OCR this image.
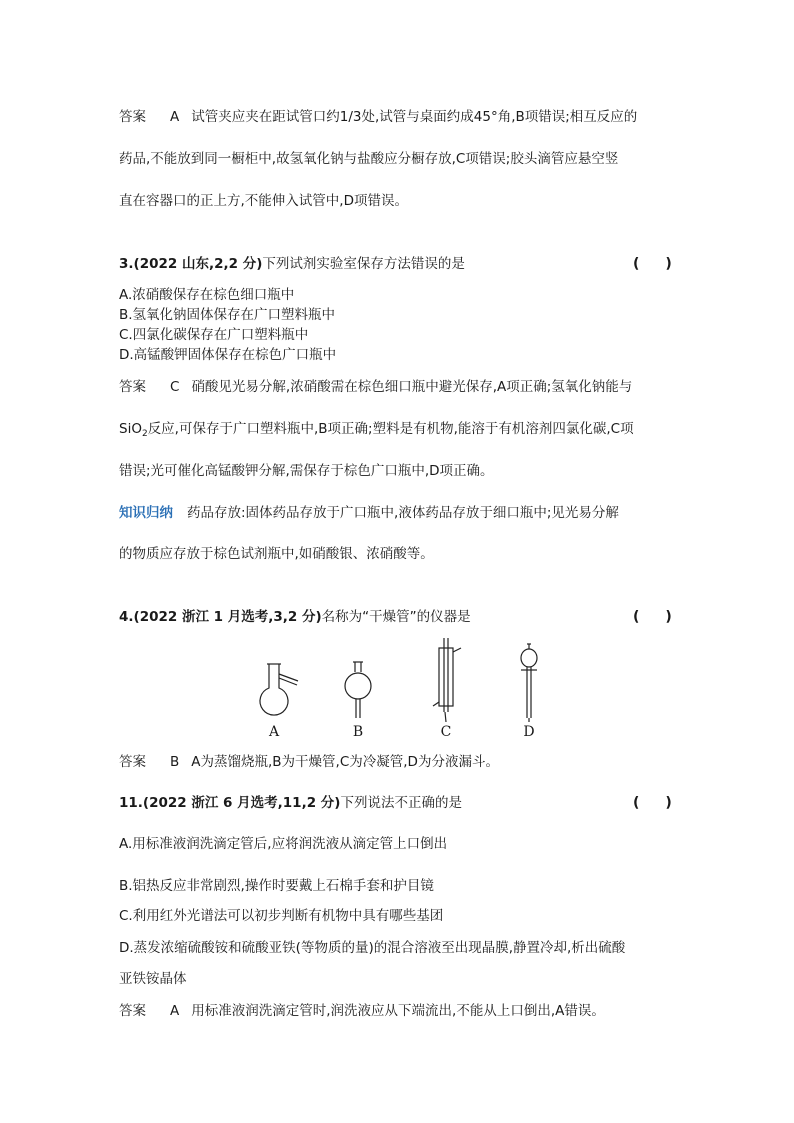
答案 A 试管夹应夹在距试管口约1/3处,试管与桌面约成45°角,B项错误;相互反应的
药品,不能放到同一橱柜中,故氢氧化钠与盐酸应分橱存放,C项错误;胶头滴管应悬空竖
直在容器口的正上方,不能伸入试管中,D项错误。
3.(2022 山东,2,2 分)下列试剂实验室保存方法错误的是	()
A.浓硝酸保存在棕色细口瓶中
B.氢氧化钠固体保存在广口塑料瓶中
C.四氯化碳保存在广口塑料瓶中
D.高锰酸钾固体保存在棕色广口瓶中
答案 C 硝酸见光易分解,浓硝酸需在棕色细口瓶中避光保存,A项正确;氢氧化钠能与
SiO$_2$反应,可保存于广口塑料瓶中,B项正确;塑料是有机物,能溶于有机溶剂四氯化碳,C项
错误;光可催化高锰酸钾分解,需保存于棕色广口瓶中,D项正确。
知识归纳 药品存放:固体药品存放于广口瓶中,液体药品存放于细口瓶中;见光易分解
的物质应存放于棕色试剂瓶中,如硝酸银、浓硝酸等。
4.(2022 浙江 1 月选考,3,2 分)名称为“干燥管”的仪器是	()
A	B	C	D
答案 B A为蒸馏烧瓶,B为干燥管,C为冷凝管,D为分液漏斗。
11.(2022 浙江 6 月选考,11,2 分)下列说法不正确的是	()
A.用标准液润洗滴定管后,应将润洗液从滴定管上口倒出
B.铝热反应非常剧烈,操作时要戴上石棉手套和护目镜
C.利用红外光谱法可以初步判断有机物中具有哪些基团
D.蒸发浓缩硫酸铵和硫酸亚铁(等物质的量)的混合溶液至出现晶膜,静置冷却,析出硫酸
亚铁铵晶体
答案 A 用标准液润洗滴定管时,润洗液应从下端流出,不能从上口倒出,A错误。
